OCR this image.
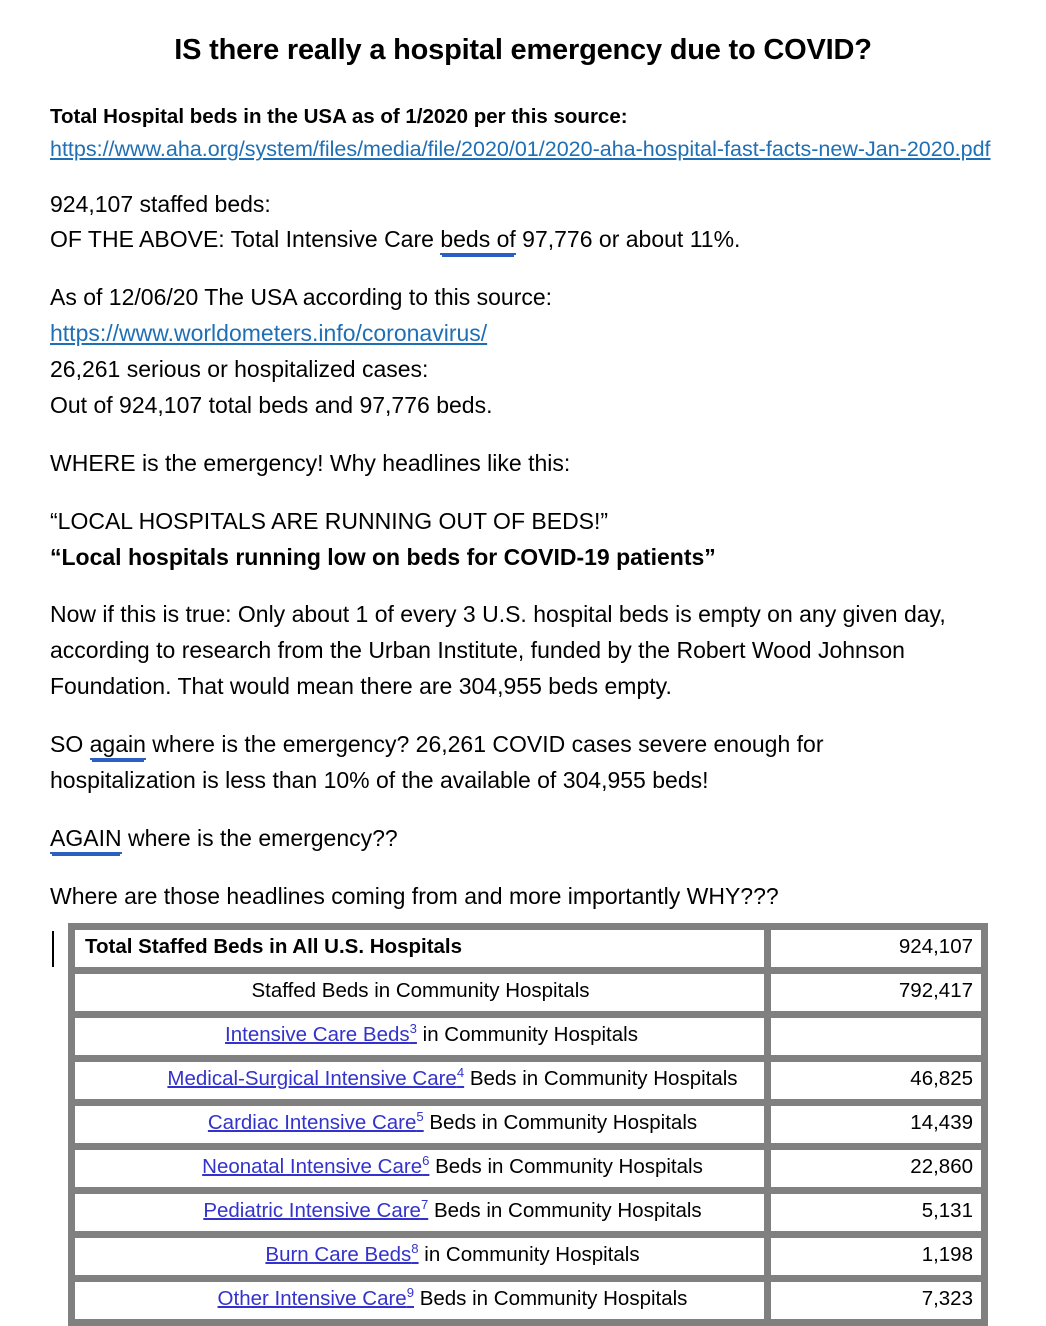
IS there really a hospital emergency due to COVID?
Total Hospital beds in the USA as of 1/2020 per this source:
https://www.aha.org/system/files/media/file/2020/01/2020-aha-hospital-fast-facts-new-Jan-2020.pdf
924,107 staffed beds:
OF THE ABOVE: Total Intensive Care beds of 97,776 or about 11%.
As of 12/06/20 The USA according to this source:
https://www.worldometers.info/coronavirus/
26,261 serious or hospitalized cases:
Out of 924,107 total beds and 97,776 beds.
WHERE is the emergency! Why headlines like this:
“LOCAL HOSPITALS ARE RUNNING OUT OF BEDS!”
“Local hospitals running low on beds for COVID-19 patients”
Now if this is true: Only about 1 of every 3 U.S. hospital beds is empty on any given day, according to research from the Urban Institute, funded by the Robert Wood Johnson Foundation. That would mean there are 304,955 beds empty.
SO again where is the emergency? 26,261 COVID cases severe enough for hospitalization is less than 10% of the available of 304,955 beds!
AGAIN where is the emergency??
Where are those headlines coming from and more importantly WHY???
Total Staffed Beds in All U.S. Hospitals	924,107
Staffed Beds in Community Hospitals	792,417
Intensive Care Beds$^3$ in Community Hospitals	
Medical-Surgical Intensive Care$^4$ Beds in Community Hospitals	46,825
Cardiac Intensive Care$^5$ Beds in Community Hospitals	14,439
Neonatal Intensive Care$^6$ Beds in Community Hospitals	22,860
Pediatric Intensive Care$^7$ Beds in Community Hospitals	5,131
Burn Care Beds$^8$ in Community Hospitals	1,198
Other Intensive Care$^9$ Beds in Community Hospitals	7,323
